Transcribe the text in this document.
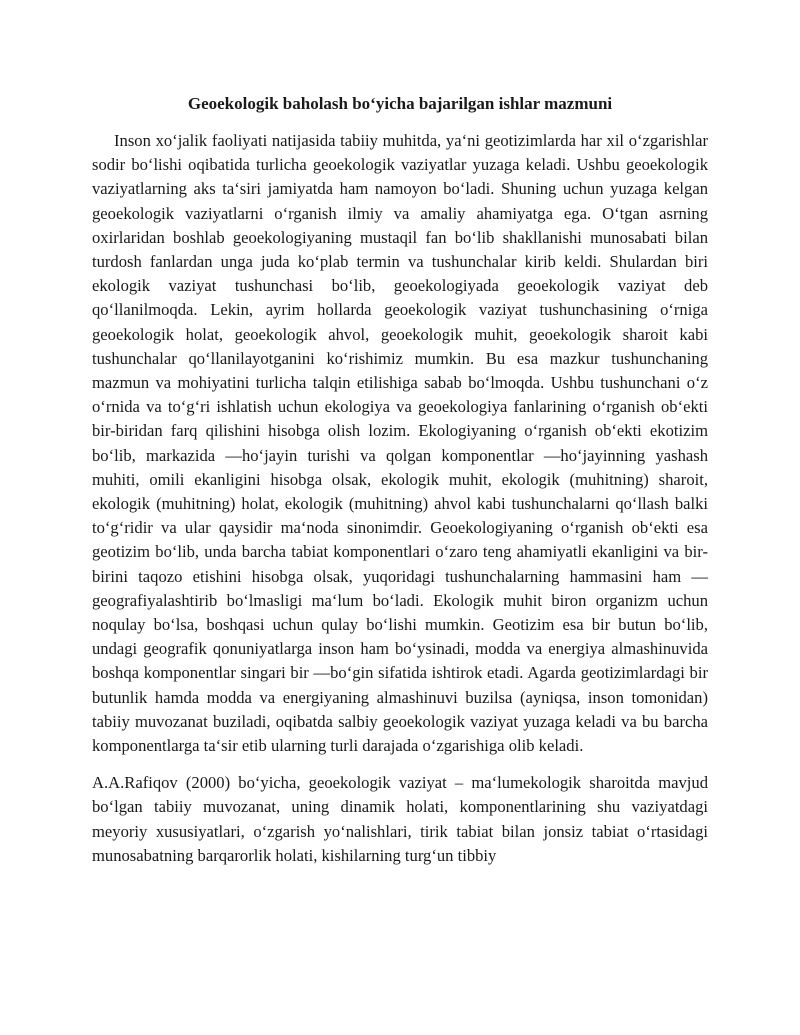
Geoekologik baholash bo‘yicha bajarilgan ishlar mazmuni

Inson xo‘jalik faoliyati natijasida tabiiy muhitda, ya‘ni geotizimlarda har xil o‘zgarishlar sodir bo‘lishi oqibatida turlicha geoekologik vaziyatlar yuzaga keladi. Ushbu geoekologik vaziyatlarning aks ta‘siri jamiyatda ham namoyon bo‘ladi. Shuning uchun yuzaga kelgan geoekologik vaziyatlarni o‘rganish ilmiy va amaliy ahamiyatga ega. O‘tgan asrning oxirlaridan boshlab geoekologiyaning mustaqil fan bo‘lib shakllanishi munosabati bilan turdosh fanlardan unga juda ko‘plab termin va tushunchalar kirib keldi. Shulardan biri ekologik vaziyat tushunchasi bo‘lib, geoekologiyada geoekologik vaziyat deb qo‘llanilmoqda. Lekin, ayrim hollarda geoekologik vaziyat tushunchasining o‘rniga geoekologik holat, geoekologik ahvol, geoekologik muhit, geoekologik sharoit kabi tushunchalar qo‘llanilayotganini ko‘rishimiz mumkin. Bu esa mazkur tushunchaning mazmun va mohiyatini turlicha talqin etilishiga sabab bo‘lmoqda. Ushbu tushunchani o‘z o‘rnida va to‘g‘ri ishlatish uchun ekologiya va geoekologiya fanlarining o‘rganish ob‘ekti bir-biridan farq qilishini hisobga olish lozim. Ekologiyaning o‘rganish ob‘ekti ekotizim bo‘lib, markazida —ho‘jayin turishi va qolgan komponentlar —ho‘jayinning yashash muhiti, omili ekanligini hisobga olsak, ekologik muhit, ekologik (muhitning) sharoit, ekologik (muhitning) holat, ekologik (muhitning) ahvol kabi tushunchalarni qo‘llash balki to‘g‘ridir va ular qaysidir ma‘noda sinonimdir. Geoekologiyaning o‘rganish ob‘ekti esa geotizim bo‘lib, unda barcha tabiat komponentlari o‘zaro teng ahamiyatli ekanligini va bir-birini taqozo etishini hisobga olsak, yuqoridagi tushunchalarning hammasini ham — geografiyalashtirib bo‘lmasligi ma‘lum bo‘ladi. Ekologik muhit biron organizm uchun noqulay bo‘lsa, boshqasi uchun qulay bo‘lishi mumkin. Geotizim esa bir butun bo‘lib, undagi geografik qonuniyatlarga inson ham bo‘ysinadi, modda va energiya almashinuvida boshqa komponentlar singari bir —bo‘gin sifatida ishtirok etadi. Agarda geotizimlardagi bir butunlik hamda modda va energiyaning almashinuvi buzilsa (ayniqsa, inson tomonidan) tabiiy muvozanat buziladi, oqibatda salbiy geoekologik vaziyat yuzaga keladi va bu barcha komponentlarga ta‘sir etib ularning turli darajada o‘zgarishiga olib keladi.

A.A.Rafiqov (2000) bo‘yicha, geoekologik vaziyat – ma‘lumekologik sharoitda mavjud bo‘lgan tabiiy muvozanat, uning dinamik holati, komponentlarining shu vaziyatdagi meyoriy xususiyatlari, o‘zgarish yo‘nalishlari, tirik tabiat bilan jonsiz tabiat o‘rtasidagi munosabatning barqarorlik holati, kishilarning turg‘un tibbiy
